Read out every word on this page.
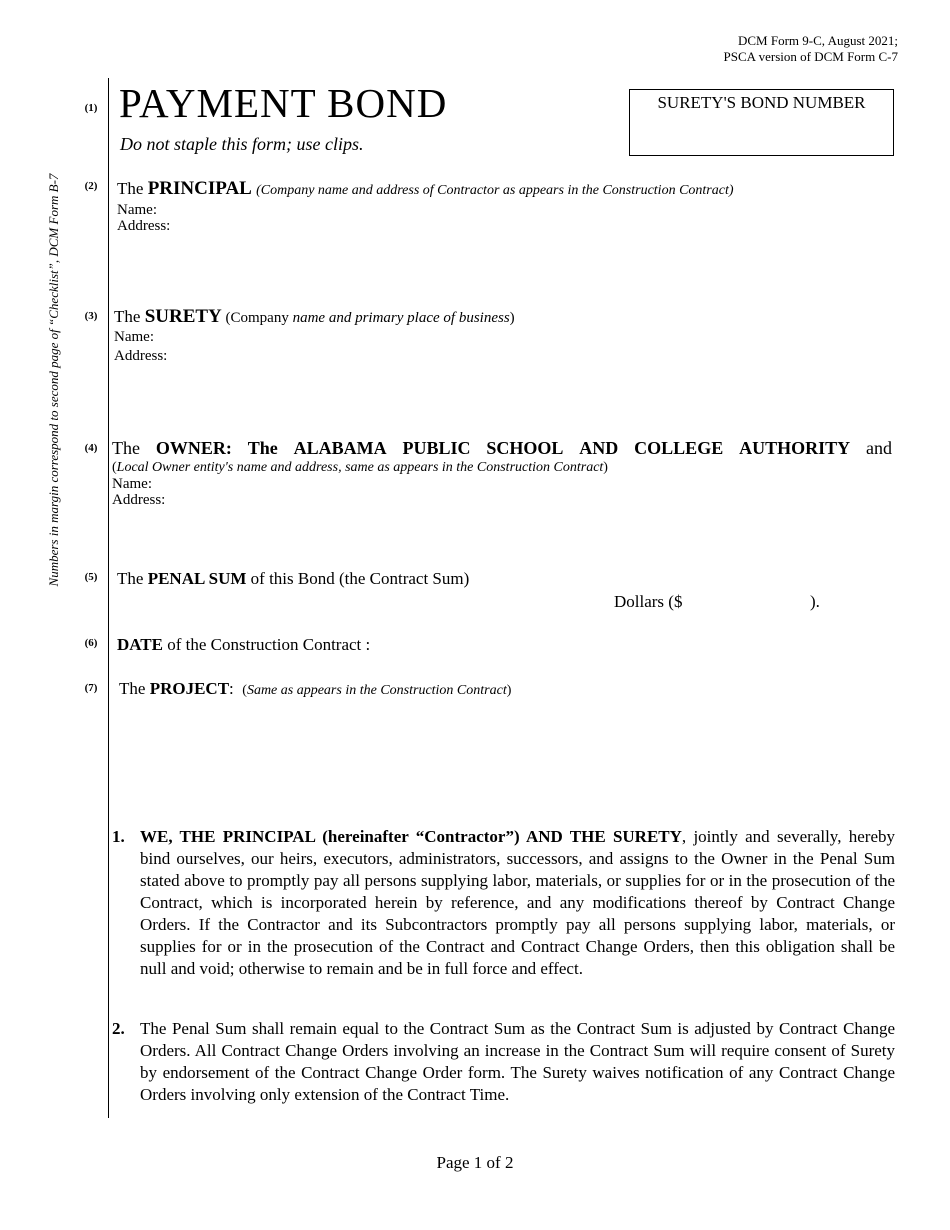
DCM Form 9-C, August 2021;
PSCA version of DCM Form C-7
Numbers in margin correspond to second page of “Checklist”, DCM Form B-7
(1)
(2)
(3)
(4)
(5)
(6)
(7)
PAYMENT BOND
Do not staple this form; use clips.
SURETY'S BOND NUMBER
The PRINCIPAL (Company name and address of Contractor as appears in the Construction Contract)
Name:
Address:
The SURETY (Company name and primary place of business)
Name:
Address:
The OWNER: The ALABAMA PUBLIC SCHOOL AND COLLEGE AUTHORITY and
(Local Owner entity's name and address, same as appears in the Construction Contract)
Name:
Address:
The PENAL SUM of this Bond (the Contract Sum)
Dollars ($	).
DATE of the Construction Contract :
The PROJECT: (Same as appears in the Construction Contract)
1. WE, THE PRINCIPAL (hereinafter “Contractor”) AND THE SURETY, jointly and severally, hereby bind ourselves, our heirs, executors, administrators, successors, and assigns to the Owner in the Penal Sum stated above to promptly pay all persons supplying labor, materials, or supplies for or in the prosecution of the Contract, which is incorporated herein by reference, and any modifications thereof by Contract Change Orders. If the Contractor and its Subcontractors promptly pay all persons supplying labor, materials, or supplies for or in the prosecution of the Contract and Contract Change Orders, then this obligation shall be null and void; otherwise to remain and be in full force and effect.
2. The Penal Sum shall remain equal to the Contract Sum as the Contract Sum is adjusted by Contract Change Orders. All Contract Change Orders involving an increase in the Contract Sum will require consent of Surety by endorsement of the Contract Change Order form. The Surety waives notification of any Contract Change Orders involving only extension of the Contract Time.
Page 1 of 2
